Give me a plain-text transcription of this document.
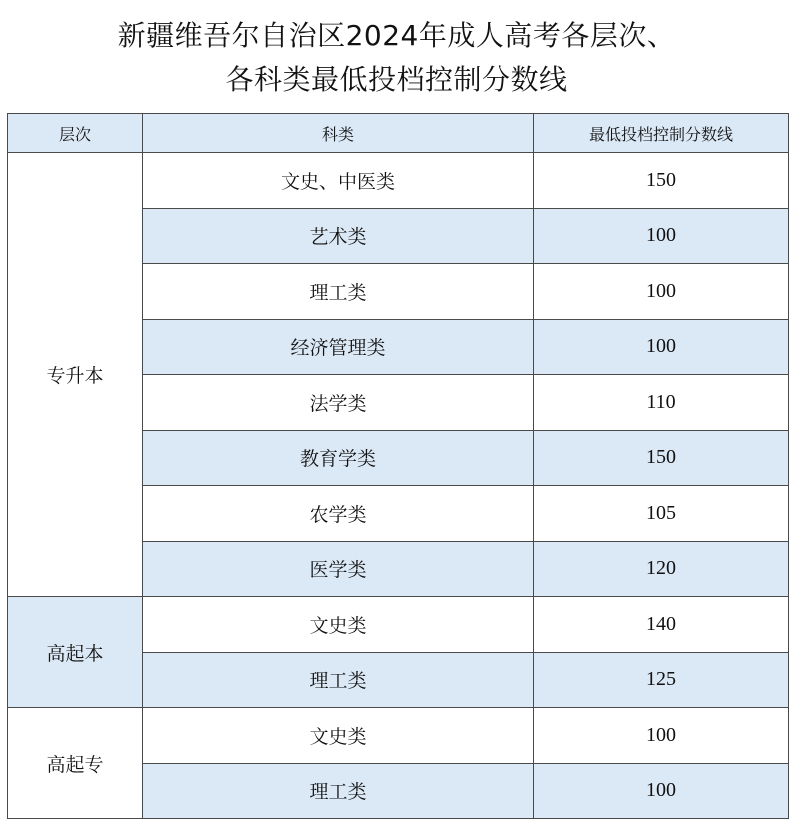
新疆维吾尔自治区2024年成人高考各层次、
各科类最低投档控制分数线
层次	科类	最低投档控制分数线
专升本	文史、中医类	150
	艺术类	100
	理工类	100
	经济管理类	100
	法学类	110
	教育学类	150
	农学类	105
	医学类	120
高起本	文史类	140
	理工类	125
高起专	文史类	100
	理工类	100
